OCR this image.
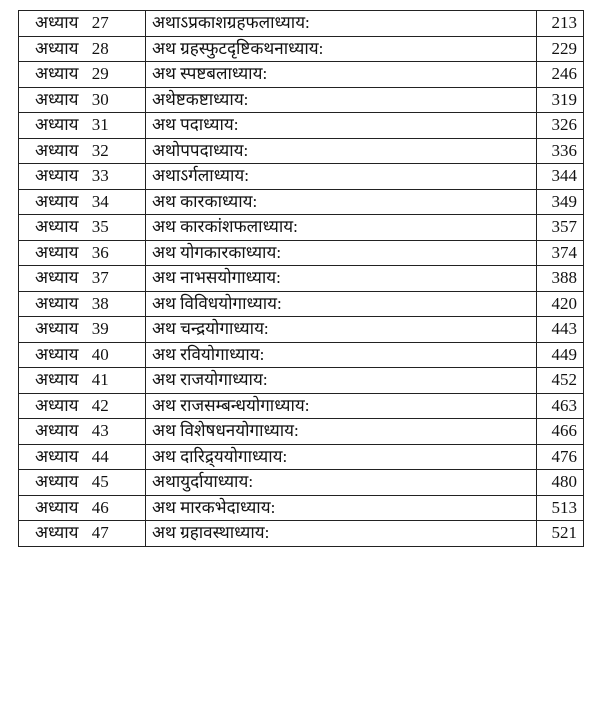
अध्याय 27	अथाऽप्रकाशग्रहफलाध्याय:	213
अध्याय 28	अथ ग्रहस्फुटदृष्टिकथनाध्याय:	229
अध्याय 29	अथ स्पष्टबलाध्याय:	246
अध्याय 30	अथेष्टकष्टाध्याय:	319
अध्याय 31	अथ पदाध्याय:	326
अध्याय 32	अथोपपदाध्याय:	336
अध्याय 33	अथाऽर्गलाध्याय:	344
अध्याय 34	अथ कारकाध्याय:	349
अध्याय 35	अथ कारकांशफलाध्याय:	357
अध्याय 36	अथ योगकारकाध्याय:	374
अध्याय 37	अथ नाभसयोगाध्याय:	388
अध्याय 38	अथ विविधयोगाध्याय:	420
अध्याय 39	अथ चन्द्रयोगाध्याय:	443
अध्याय 40	अथ रवियोगाध्याय:	449
अध्याय 41	अथ राजयोगाध्याय:	452
अध्याय 42	अथ राजसम्बन्धयोगाध्याय:	463
अध्याय 43	अथ विशेषधनयोगाध्याय:	466
अध्याय 44	अथ दारिद्र्ययोगाध्याय:	476
अध्याय 45	अथायुर्दायाध्याय:	480
अध्याय 46	अथ मारकभेदाध्याय:	513
अध्याय 47	अथ ग्रहावस्थाध्याय:	521
